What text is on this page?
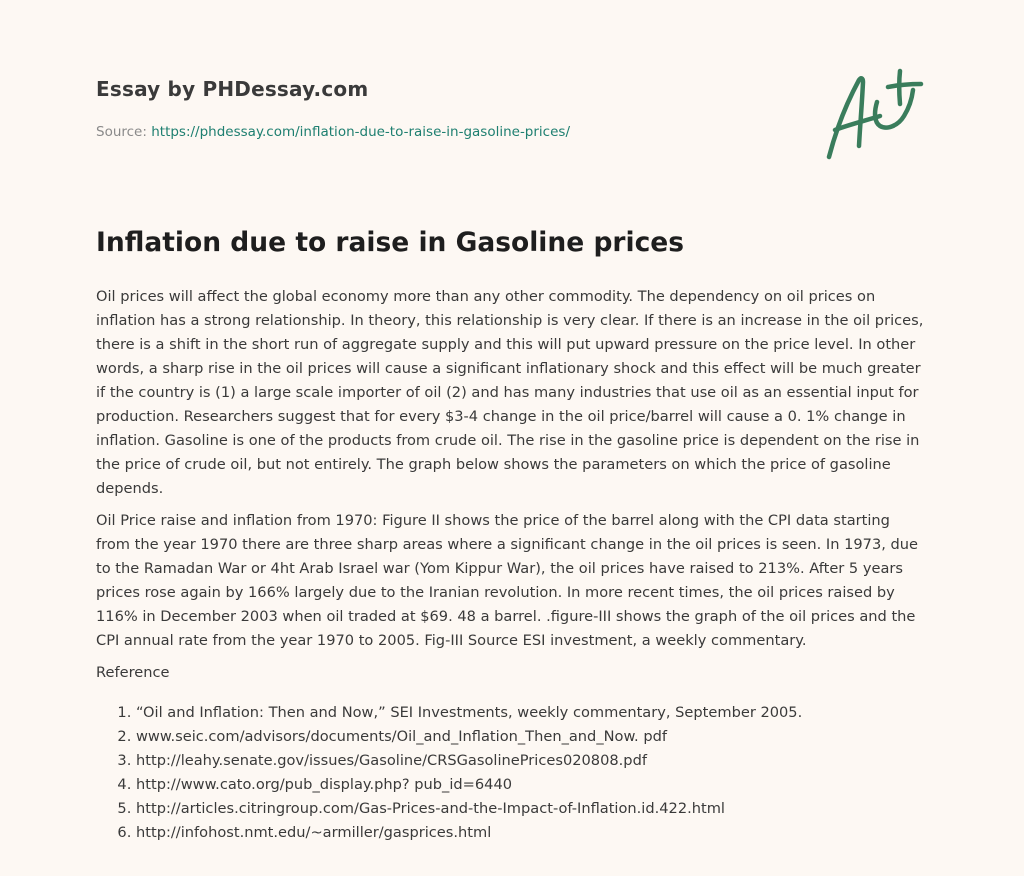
Essay by PHDessay.com
Source: https://phdessay.com/inflation-due-to-raise-in-gasoline-prices/
Inflation due to raise in Gasoline prices

Oil prices will affect the global economy more than any other commodity. The dependency on oil prices on inflation has a strong relationship. In theory, this relationship is very clear. If there is an increase in the oil prices, there is a shift in the short run of aggregate supply and this will put upward pressure on the price level. In other words, a sharp rise in the oil prices will cause a significant inflationary shock and this effect will be much greater if the country is (1) a large scale importer of oil (2) and has many industries that use oil as an essential input for production. Researchers suggest that for every $3-4 change in the oil price/barrel will cause a 0. 1% change in inflation. Gasoline is one of the products from crude oil. The rise in the gasoline price is dependent on the rise in the price of crude oil, but not entirely. The graph below shows the parameters on which the price of gasoline depends.

Oil Price raise and inflation from 1970: Figure II shows the price of the barrel along with the CPI data starting from the year 1970 there are three sharp areas where a significant change in the oil prices is seen. In 1973, due to the Ramadan War or 4ht Arab Israel war (Yom Kippur War), the oil prices have raised to 213%. After 5 years prices rose again by 166% largely due to the Iranian revolution. In more recent times, the oil prices raised by 116% in December 2003 when oil traded at $69. 48 a barrel. .figure-III shows the graph of the oil prices and the CPI annual rate from the year 1970 to 2005. Fig-III Source ESI investment, a weekly commentary.

Reference

1. “Oil and Inflation: Then and Now,” SEI Investments, weekly commentary, September 2005.
2. www.seic.com/advisors/documents/Oil_and_Inflation_Then_and_Now. pdf
3. http://leahy.senate.gov/issues/Gasoline/CRSGasolinePrices020808.pdf
4. http://www.cato.org/pub_display.php? pub_id=6440
5. http://articles.citringroup.com/Gas-Prices-and-the-Impact-of-Inflation.id.422.html
6. http://infohost.nmt.edu/~armiller/gasprices.html
